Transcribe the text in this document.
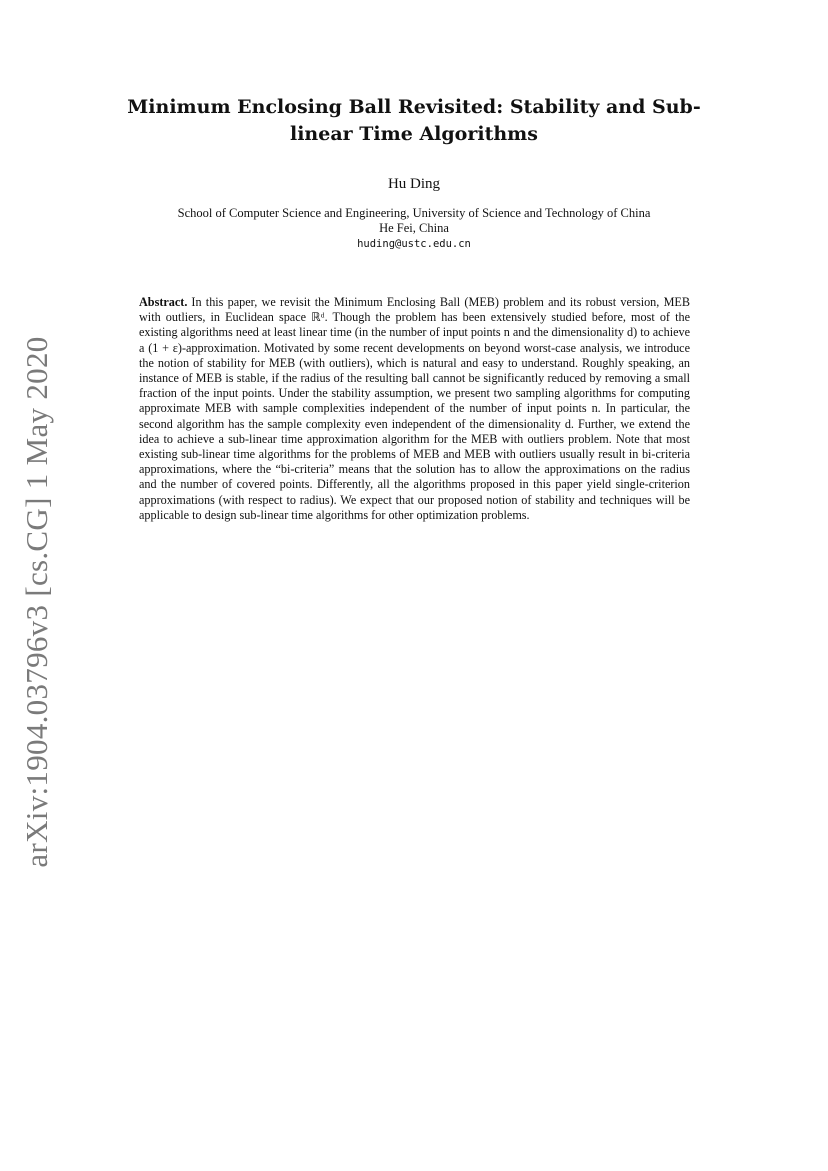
arXiv:1904.03796v3 [cs.CG] 1 May 2020
Minimum Enclosing Ball Revisited: Stability and Sub-linear Time Algorithms
Hu Ding
School of Computer Science and Engineering, University of Science and Technology of China
He Fei, China
huding@ustc.edu.cn
Abstract. In this paper, we revisit the Minimum Enclosing Ball (MEB) problem and its robust version, MEB with outliers, in Euclidean space ℝᵈ. Though the problem has been extensively studied before, most of the existing algorithms need at least linear time (in the number of input points n and the dimensionality d) to achieve a (1 + ε)-approximation. Motivated by some recent developments on beyond worst-case analysis, we introduce the notion of stability for MEB (with outliers), which is natural and easy to understand. Roughly speaking, an instance of MEB is stable, if the radius of the resulting ball cannot be significantly reduced by removing a small fraction of the input points. Under the stability assumption, we present two sampling algorithms for computing approximate MEB with sample complexities independent of the number of input points n. In particular, the second algorithm has the sample complexity even independent of the dimensionality d. Further, we extend the idea to achieve a sub-linear time approximation algorithm for the MEB with outliers problem. Note that most existing sub-linear time algorithms for the problems of MEB and MEB with outliers usually result in bi-criteria approximations, where the “bi-criteria” means that the solution has to allow the approximations on the radius and the number of covered points. Differently, all the algorithms proposed in this paper yield single-criterion approximations (with respect to radius). We expect that our proposed notion of stability and techniques will be applicable to design sub-linear time algorithms for other optimization problems.
